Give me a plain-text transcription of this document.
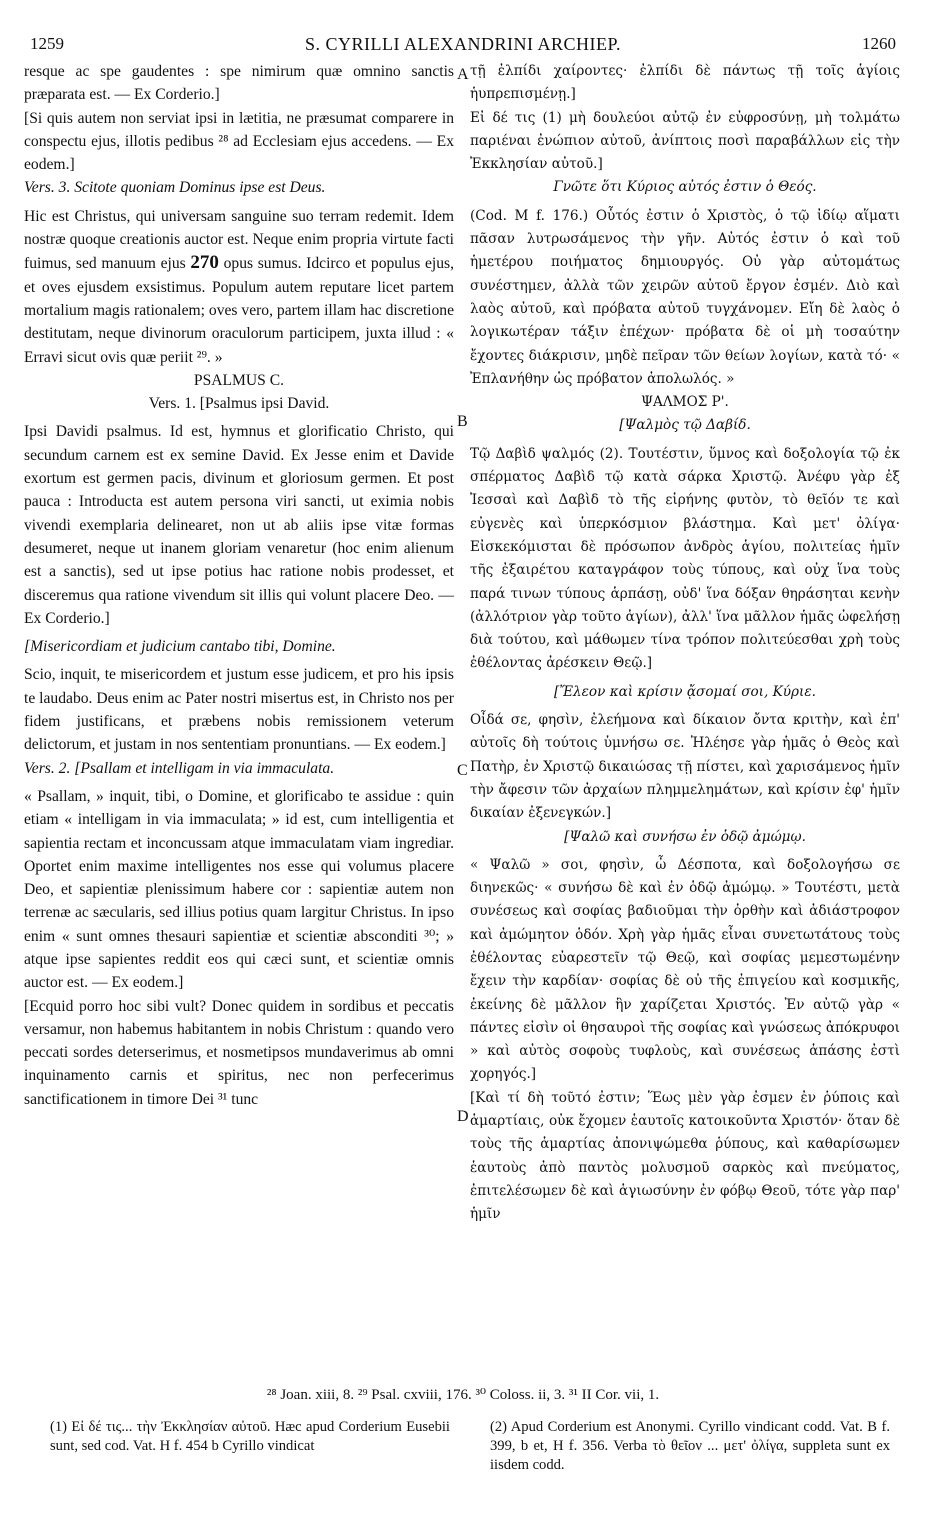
1259	S. CYRILLI ALEXANDRINI ARCHIEP.	1260
A
B
C
D

resque ac spe gaudentes : spe nimirum quæ omnino sanctis præparata est. — Ex Corderio.]

[Si quis autem non serviat ipsi in lætitia, ne præsumat comparere in conspectu ejus, illotis pedibus ²⁸ ad Ecclesiam ejus accedens. — Ex eodem.]

Vers. 3. Scitote quoniam Dominus ipse est Deus.

Hic est Christus, qui universam sanguine suo terram redemit. Idem nostræ quoque creationis auctor est. Neque enim propria virtute facti fuimus, sed manuum ejus 270 opus sumus. Idcirco et populus ejus, et oves ejusdem exsistimus. Populum autem reputare licet partem mortalium magis rationalem; oves vero, partem illam hac discretione destitutam, neque divinorum oraculorum participem, juxta illud : « Erravi sicut ovis quæ periit ²⁹. »

PSALMUS C.

Vers. 1. [Psalmus ipsi David.

Ipsi Davidi psalmus. Id est, hymnus et glorificatio Christo, qui secundum carnem est ex semine David. Ex Jesse enim et Davide exortum est germen pacis, divinum et gloriosum germen. Et post pauca : Introducta est autem persona viri sancti, ut eximia nobis vivendi exemplaria delinearet, non ut ab aliis ipse vitæ formas desumeret, neque ut inanem gloriam venaretur (hoc enim alienum est a sanctis), sed ut ipse potius hac ratione nobis prodesset, et disceremus qua ratione vivendum sit illis qui volunt placere Deo. — Ex Corderio.]

[Misericordiam et judicium cantabo tibi, Domine.

Scio, inquit, te misericordem et justum esse judicem, et pro his ipsis te laudabo. Deus enim ac Pater nostri misertus est, in Christo nos per fidem justificans, et præbens nobis remissionem veterum delictorum, et justam in nos sententiam pronuntians. — Ex eodem.]

Vers. 2. [Psallam et intelligam in via immaculata.

« Psallam, » inquit, tibi, o Domine, et glorificabo te assidue : quin etiam « intelligam in via immaculata; » id est, cum intelligentia et sapientia rectam et inconcussam atque immaculatam viam ingrediar. Oportet enim maxime intelligentes nos esse qui volumus placere Deo, et sapientiæ plenissimum habere cor : sapientiæ autem non terrenæ ac sæcularis, sed illius potius quam largitur Christus. In ipso enim « sunt omnes thesauri sapientiæ et scientiæ absconditi ³⁰; » atque ipse sapientes reddit eos qui cæci sunt, et scientiæ omnis auctor est. — Ex eodem.]

[Ecquid porro hoc sibi vult? Donec quidem in sordibus et peccatis versamur, non habemus habitantem in nobis Christum : quando vero peccati sordes deterserimus, et nosmetipsos mundaverimus ab omni inquinamento carnis et spiritus, nec non perfecerimus sanctificationem in timore Dei ³¹ tunc

τῇ ἐλπίδι χαίροντες· ἐλπίδι δὲ πάντως τῇ τοῖς ἁγίοις ἡυπρεπισμένῃ.]

Εἰ δέ τις (1) μὴ δουλεύοι αὐτῷ ἐν εὐφροσύνῃ, μὴ τολμάτω παριέναι ἐνώπιον αὐτοῦ, ἀνίπτοις ποσὶ παραβάλλων εἰς τὴν Ἐκκλησίαν αὐτοῦ.]

Γνῶτε ὅτι Κύριος αὐτός ἐστιν ὁ Θεός.

(Cod. M f. 176.) Οὗτός ἐστιν ὁ Χριστὸς, ὁ τῷ ἰδίῳ αἵματι πᾶσαν λυτρωσάμενος τὴν γῆν. Αὐτός ἐστιν ὁ καὶ τοῦ ἡμετέρου ποιήματος δημιουργός. Οὐ γὰρ αὐτομάτως συνέστημεν, ἀλλὰ τῶν χειρῶν αὐτοῦ ἔργον ἐσμέν. Διὸ καὶ λαὸς αὐτοῦ, καὶ πρόβατα αὐτοῦ τυγχάνομεν. Εἴη δὲ λαὸς ὁ λογικωτέραν τάξιν ἐπέχων· πρόβατα δὲ οἱ μὴ τοσαύτην ἔχοντες διάκρισιν, μηδὲ πεῖραν τῶν θείων λογίων, κατὰ τό· « Ἐπλανήθην ὡς πρόβατον ἀπολωλός. »

ΨΑΛΜΟΣ Ρ'.

[Ψαλμὸς τῷ Δαβίδ.

Τῷ Δαβὶδ ψαλμός (2). Τουτέστιν, ὕμνος καὶ δοξολογία τῷ ἐκ σπέρματος Δαβὶδ τῷ κατὰ σάρκα Χριστῷ. Ἀνέφυ γὰρ ἐξ Ἰεσσαὶ καὶ Δαβὶδ τὸ τῆς εἰρήνης φυτὸν, τὸ θεῖόν τε καὶ εὐγενὲς καὶ ὑπερκόσμιον βλάστημα. Καὶ μετ' ὀλίγα· Εἰσκεκόμισται δὲ πρόσωπον ἀνδρὸς ἁγίου, πολιτείας ἡμῖν τῆς ἐξαιρέτου καταγράφον τοὺς τύπους, καὶ οὐχ ἵνα τοὺς παρά τινων τύπους ἁρπάσῃ, οὐδ' ἵνα δόξαν θηράσηται κενὴν (ἀλλότριον γὰρ τοῦτο ἁγίων), ἀλλ' ἵνα μᾶλλον ἡμᾶς ὠφελήσῃ διὰ τούτου, καὶ μάθωμεν τίνα τρόπον πολιτεύεσθαι χρὴ τοὺς ἐθέλοντας ἀρέσκειν Θεῷ.]

[Ἔλεον καὶ κρίσιν ᾄσομαί σοι, Κύριε.

Οἶδά σε, φησὶν, ἐλεήμονα καὶ δίκαιον ὄντα κριτὴν, καὶ ἐπ' αὐτοῖς δὴ τούτοις ὑμνήσω σε. Ἠλέησε γὰρ ἡμᾶς ὁ Θεὸς καὶ Πατὴρ, ἐν Χριστῷ δικαιώσας τῇ πίστει, καὶ χαρισάμενος ἡμῖν τὴν ἄφεσιν τῶν ἀρχαίων πλημμελημάτων, καὶ κρίσιν ἐφ' ἡμῖν δικαίαν ἐξενεγκών.]

[Ψαλῶ καὶ συνήσω ἐν ὁδῷ ἀμώμῳ.

« Ψαλῶ » σοι, φησὶν, ὦ Δέσποτα, καὶ δοξολογήσω σε διηνεκῶς· « συνήσω δὲ καὶ ἐν ὁδῷ ἀμώμῳ. » Τουτέστι, μετὰ συνέσεως καὶ σοφίας βαδιοῦμαι τὴν ὀρθὴν καὶ ἀδιάστροφον καὶ ἀμώμητον ὁδόν. Χρὴ γὰρ ἡμᾶς εἶναι συνετωτάτους τοὺς ἐθέλοντας εὐαρεστεῖν τῷ Θεῷ, καὶ σοφίας μεμεστωμένην ἔχειν τὴν καρδίαν· σοφίας δὲ οὐ τῆς ἐπιγείου καὶ κοσμικῆς, ἐκείνης δὲ μᾶλλον ἣν χαρίζεται Χριστός. Ἐν αὐτῷ γὰρ « πάντες εἰσὶν οἱ θησαυροὶ τῆς σοφίας καὶ γνώσεως ἀπόκρυφοι » καὶ αὐτὸς σοφοὺς τυφλοὺς, καὶ συνέσεως ἁπάσης ἐστὶ χορηγός.]

[Καὶ τί δὴ τοῦτό ἐστιν; Ἕως μὲν γὰρ ἐσμεν ἐν ῥύποις καὶ ἁμαρτίαις, οὐκ ἔχομεν ἑαυτοῖς κατοικοῦντα Χριστόν· ὅταν δὲ τοὺς τῆς ἁμαρτίας ἀπονιψώμεθα ῥύπους, καὶ καθαρίσωμεν ἑαυτοὺς ἀπὸ παντὸς μολυσμοῦ σαρκὸς καὶ πνεύματος, ἐπιτελέσωμεν δὲ καὶ ἁγιωσύνην ἐν φόβῳ Θεοῦ, τότε γὰρ παρ' ἡμῖν

²⁸ Joan. xiii, 8. ²⁹ Psal. cxviii, 176. ³⁰ Coloss. ii, 3. ³¹ II Cor. vii, 1.
(1) Εἰ δέ τις... τὴν Ἐκκλησίαν αὐτοῦ. Hæc apud Corderium Eusebii sunt, sed cod. Vat. H f. 454 b Cyrillo vindicat
(2) Apud Corderium est Anonymi. Cyrillo vindicant codd. Vat. B f. 399, b et, H f. 356. Verba τὸ θεῖον ... μετ' ὀλίγα, suppleta sunt ex iisdem codd.
